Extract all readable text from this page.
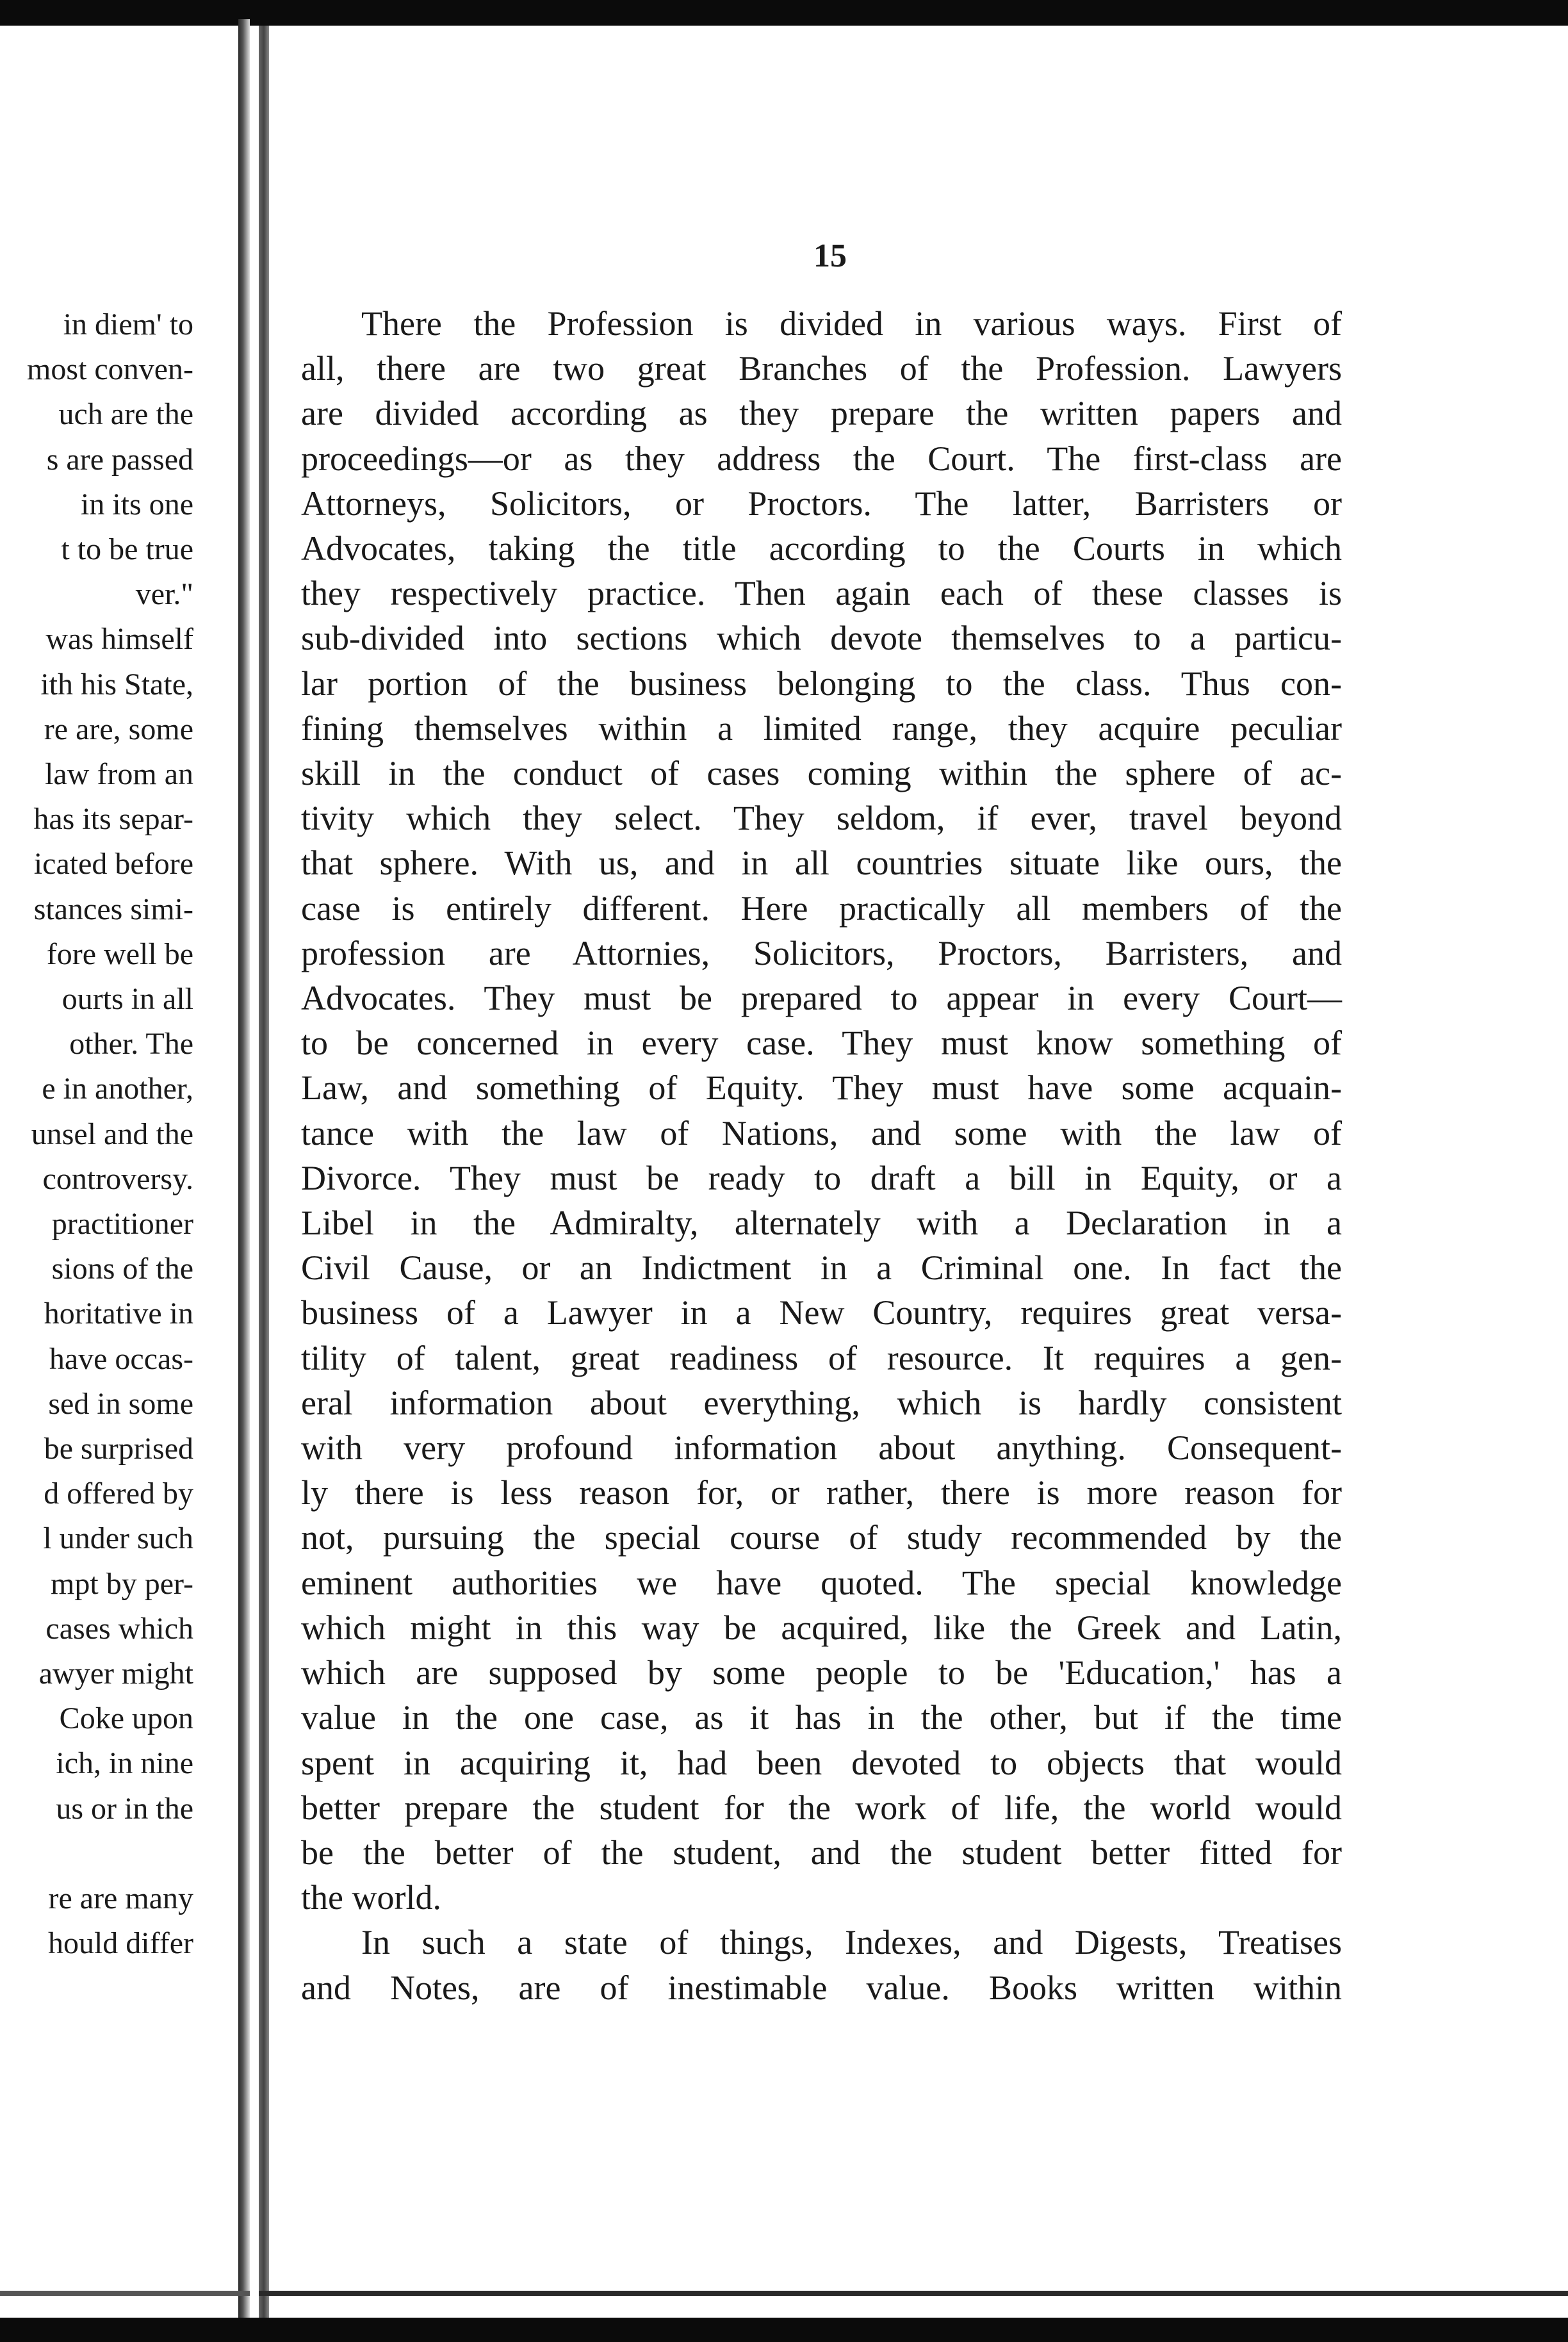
in diem' to
most conven-
uch are the
s are passed
in its one
t to be true
ver."
was himself
ith his State,
re are, some
law from an
has its separ-
icated before
stances simi-
fore well be
ourts in all
other. The
e in another,
unsel and the
controversy.
practitioner
sions of the
horitative in
have occas-
sed in some
be surprised
d offered by
l under such
mpt by per-
cases which
awyer might
Coke upon
ich, in nine
us or in the
re are many
hould differ
15

There the Profession is divided in various ways. First of
all, there are two great Branches of the Profession. Lawyers
are divided according as they prepare the written papers and
proceedings—or as they address the Court. The first-class are
Attorneys, Solicitors, or Proctors. The latter, Barristers or
Advocates, taking the title according to the Courts in which
they respectively practice. Then again each of these classes is
sub-divided into sections which devote themselves to a particu-
lar portion of the business belonging to the class. Thus con-
fining themselves within a limited range, they acquire peculiar
skill in the conduct of cases coming within the sphere of ac-
tivity which they select. They seldom, if ever, travel beyond
that sphere. With us, and in all countries situate like ours, the
case is entirely different. Here practically all members of the
profession are Attornies, Solicitors, Proctors, Barristers, and
Advocates. They must be prepared to appear in every Court—
to be concerned in every case. They must know something of
Law, and something of Equity. They must have some acquain-
tance with the law of Nations, and some with the law of
Divorce. They must be ready to draft a bill in Equity, or a
Libel in the Admiralty, alternately with a Declaration in a
Civil Cause, or an Indictment in a Criminal one. In fact the
business of a Lawyer in a New Country, requires great versa-
tility of talent, great readiness of resource. It requires a gen-
eral information about everything, which is hardly consistent
with very profound information about anything. Consequent-
ly there is less reason for, or rather, there is more reason for
not, pursuing the special course of study recommended by the
eminent authorities we have quoted. The special knowledge
which might in this way be acquired, like the Greek and Latin,
which are supposed by some people to be 'Education,' has a
value in the one case, as it has in the other, but if the time
spent in acquiring it, had been devoted to objects that would
better prepare the student for the work of life, the world would
be the better of the student, and the student better fitted for
the world.

In such a state of things, Indexes, and Digests, Treatises
and Notes, are of inestimable value. Books written within
